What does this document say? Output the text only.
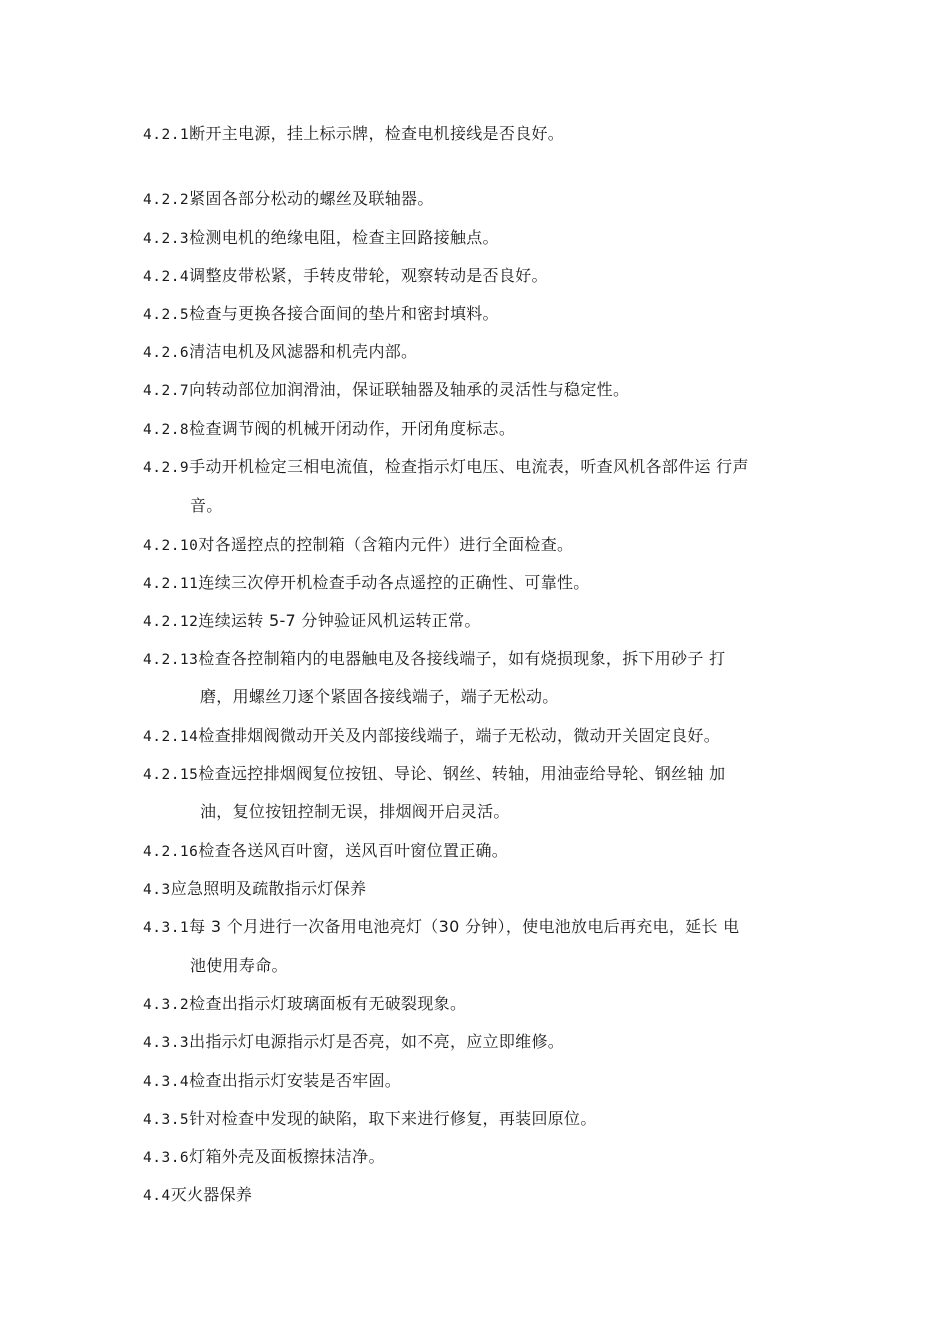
4.2.1断开主电源，挂上标示牌，检查电机接线是否良好。
4.2.2紧固各部分松动的螺丝及联轴器。
4.2.3检测电机的绝缘电阻，检查主回路接触点。
4.2.4调整皮带松紧，手转皮带轮，观察转动是否良好。
4.2.5检查与更换各接合面间的垫片和密封填料。
4.2.6清洁电机及风滤器和机壳内部。
4.2.7向转动部位加润滑油，保证联轴器及轴承的灵活性与稳定性。
4.2.8检查调节阀的机械开闭动作，开闭角度标志。
4.2.9手动开机检定三相电流值，检查指示灯电压、电流表，听查风机各部件运 行声
音。
4.2.10对各遥控点的控制箱（含箱内元件）进行全面检查。
4.2.11连续三次停开机检查手动各点遥控的正确性、可靠性。
4.2.12连续运转 5-7 分钟验证风机运转正常。
4.2.13检查各控制箱内的电器触电及各接线端子，如有烧损现象，拆下用砂子 打
磨，用螺丝刀逐个紧固各接线端子，端子无松动。
4.2.14检查排烟阀微动开关及内部接线端子，端子无松动，微动开关固定良好。
4.2.15检查远控排烟阀复位按钮、导论、钢丝、转轴，用油壶给导轮、钢丝轴 加
油，复位按钮控制无误，排烟阀开启灵活。
4.2.16检查各送风百叶窗，送风百叶窗位置正确。
4.3应急照明及疏散指示灯保养
4.3.1每 3 个月进行一次备用电池亮灯（30 分钟），使电池放电后再充电，延长 电
池使用寿命。
4.3.2检查出指示灯玻璃面板有无破裂现象。
4.3.3出指示灯电源指示灯是否亮，如不亮，应立即维修。
4.3.4检查出指示灯安装是否牢固。
4.3.5针对检查中发现的缺陷，取下来进行修复，再装回原位。
4.3.6灯箱外壳及面板擦抹洁净。
4.4灭火器保养
